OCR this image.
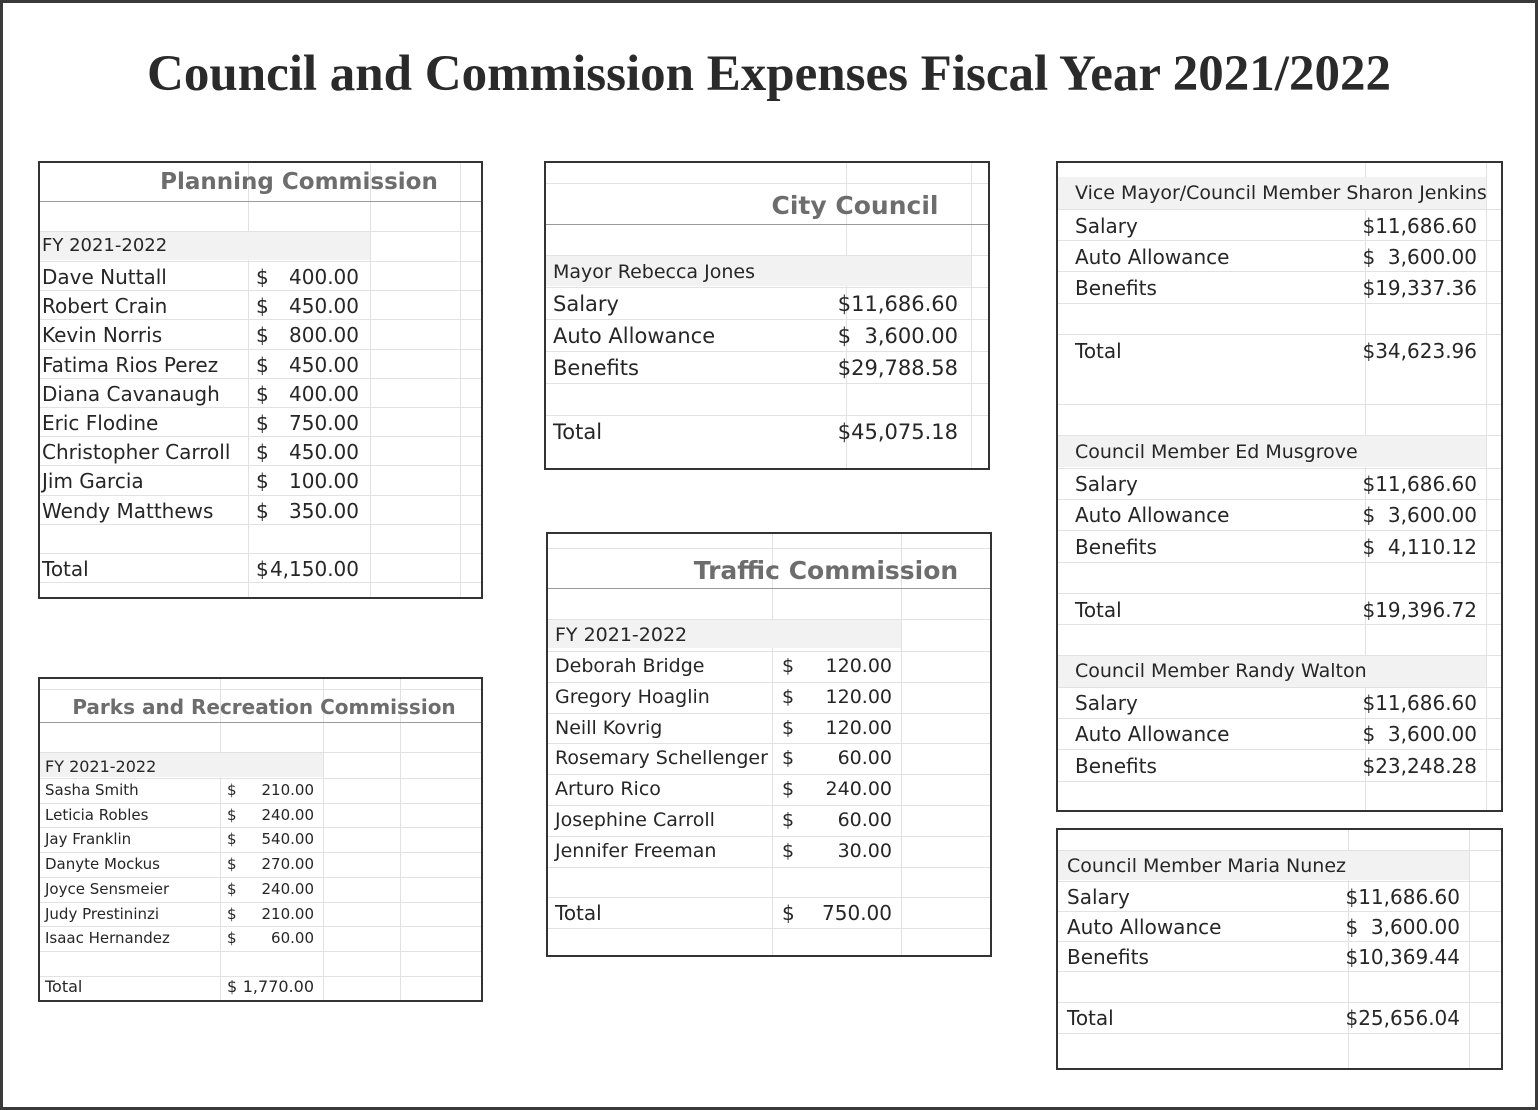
Council and Commission Expenses Fiscal Year 2021/2022
Planning Commission
FY 2021-2022
Dave Nuttall	$ 400.00
Robert Crain	$ 450.00
Kevin Norris	$ 800.00
Fatima Rios Perez $ 450.00
Diana Cavanaugh $ 400.00
Eric Flodine	$ 750.00
Christopher Carroll $ 450.00
Jim Garcia	$ 100.00
Wendy Matthews $ 350.00
Total	$ 4,150.00
Parks and Recreation Commission
FY 2021-2022
Sasha Smith	$ 210.00
Leticia Robles	$ 240.00
Jay Franklin	$ 540.00
Danyte Mockus	$ 270.00
Joyce Sensmeier	$ 240.00
Judy Prestininzi	$ 210.00
Isaac Hernandez	$ 60.00
Total	$ 1,770.00
City Council
Mayor Rebecca Jones
Salary	$11,686.60
Auto Allowance	$  3,600.00
Benefits	$29,788.58
Total	$45,075.18
Traffic Commission
FY 2021-2022
Deborah Bridge	$ 120.00
Gregory Hoaglin	$ 120.00
Neill Kovrig	$ 120.00
Rosemary Schellenger $ 60.00
Arturo Rico	$ 240.00
Josephine Carroll	$ 60.00
Jennifer Freeman	$ 30.00
Total	$ 750.00
Vice Mayor/Council Member Sharon Jenkins
Salary	$11,686.60
Auto Allowance	$  3,600.00
Benefits	$19,337.36
Total	$34,623.96
Council Member Ed Musgrove
Salary	$11,686.60
Auto Allowance	$  3,600.00
Benefits	$  4,110.12
Total	$19,396.72
Council Member Randy Walton
Salary	$11,686.60
Auto Allowance	$  3,600.00
Benefits	$23,248.28
Council Member Maria Nunez
Salary	$11,686.60
Auto Allowance	$  3,600.00
Benefits	$10,369.44
Total	$25,656.04
